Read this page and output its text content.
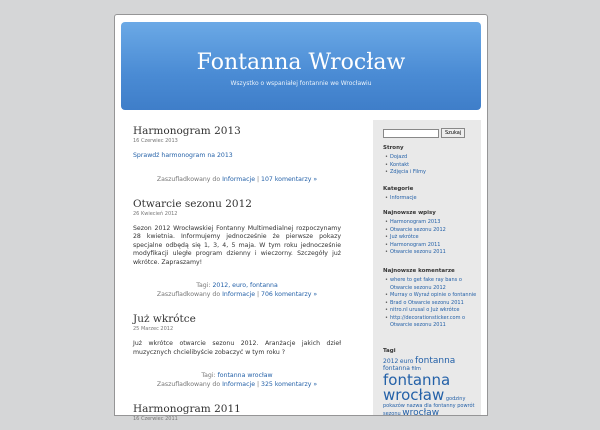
Fontanna Wrocław
Wszystko o wspaniałej fontannie we Wrocławiu
Harmonogram 2013
16 Czerwiec 2013
Sprawdź harmonogram na 2013
Zaszufladkowany do Informacje | 107 komentarzy »
Otwarcie sezonu 2012
26 Kwiecień 2012
Sezon 2012 Wrocławskiej Fontanny Multimedialnej rozpoczynamy 28 kwietnia. Informujemy jednocześnie że pierwsze pokazy specjalne odbędą się 1, 3, 4, 5 maja. W tym roku jednocześnie modyfikacji uległe program dzienny i wieczorny. Szczegóły już wkrótce. Zapraszamy!
Tagi: 2012, euro, fontanna
Zaszufladkowany do Informacje | 706 komentarzy »
Już wkrótce
25 Marzec 2012
Już wkrótce otwarcie sezonu 2012. Aranżacje jakich dzieł muzycznych chcielibyście zobaczyć w tym roku ?
Tagi: fontanna wrocław
Zaszufladkowany do Informacje | 325 komentarzy »
Harmonogram 2011
16 Czerwiec 2011
Szukaj
Strony
• Dojazd
• Kontakt
• Zdjęcia i Filmy
Kategorie
• Informacje
Najnowsze wpisy
• Harmonogram 2013
• Otwarcie sezonu 2012
• Już wkrótce
• Harmonogram 2011
• Otwarcie sezonu 2011
Najnowsze komentarze
• where to get fake ray bans o Otwarcie sezonu 2012
• Murray o Wyraź opinie o fontannie
• Brad o Otwarcie sezonu 2011
• nitro.nl urusal o Już wkrótce
• http://decorationsticker.com o Otwarcie sezonu 2011
Tagi
2012 euro fontanna fontanna film fontanna wrocław godziny pokazów nazwa dla fontanny powrót sezonu wrocław
